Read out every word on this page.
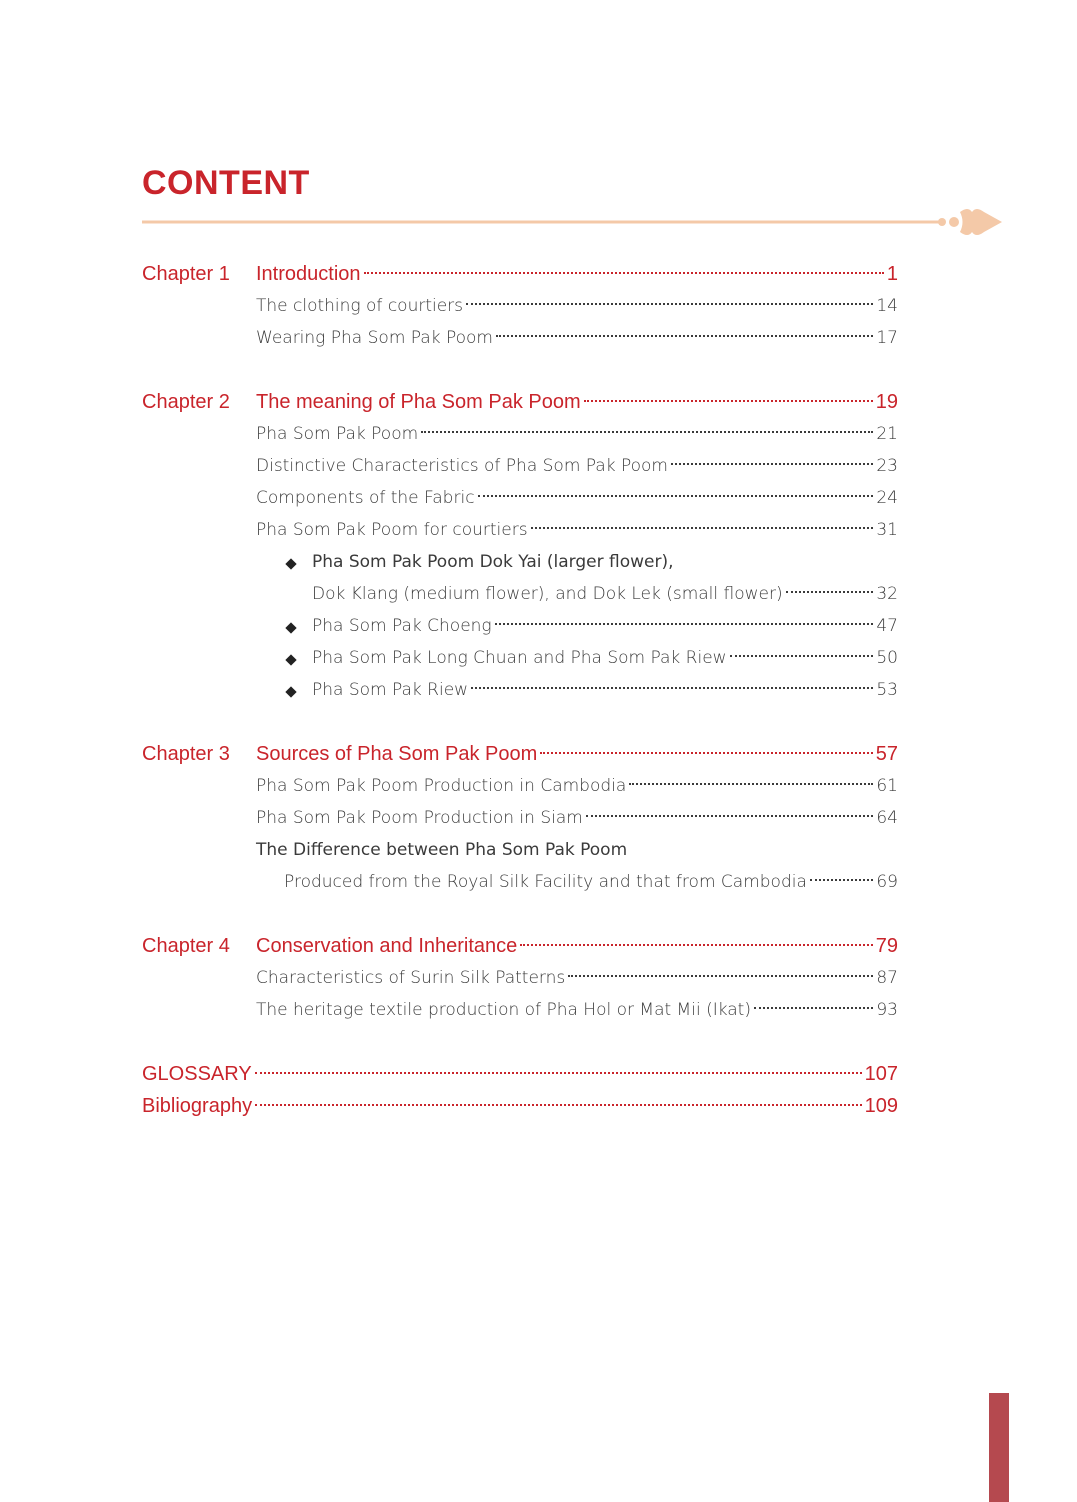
CONTENT
Chapter 1 Introduction	1
The clothing of courtiers	14
Wearing Pha Som Pak Poom	17
Chapter 2 The meaning of Pha Som Pak Poom	19
Pha Som Pak Poom	21
Distinctive Characteristics of Pha Som Pak Poom	23
Components of the Fabric	24
Pha Som Pak Poom for courtiers	31
Pha Som Pak Poom Dok Yai (larger flower),
Dok Klang (medium flower), and Dok Lek (small flower)	32
Pha Som Pak Choeng	47
Pha Som Pak Long Chuan and Pha Som Pak Riew	50
Pha Som Pak Riew	53
Chapter 3 Sources of Pha Som Pak Poom	57
Pha Som Pak Poom Production in Cambodia	61
Pha Som Pak Poom Production in Siam	64
The Difference between Pha Som Pak Poom
Produced from the Royal Silk Facility and that from Cambodia	69
Chapter 4 Conservation and Inheritance	79
Characteristics of Surin Silk Patterns	87
The heritage textile production of Pha Hol or Mat Mii (Ikat)	93
GLOSSARY	107
Bibliography	109
